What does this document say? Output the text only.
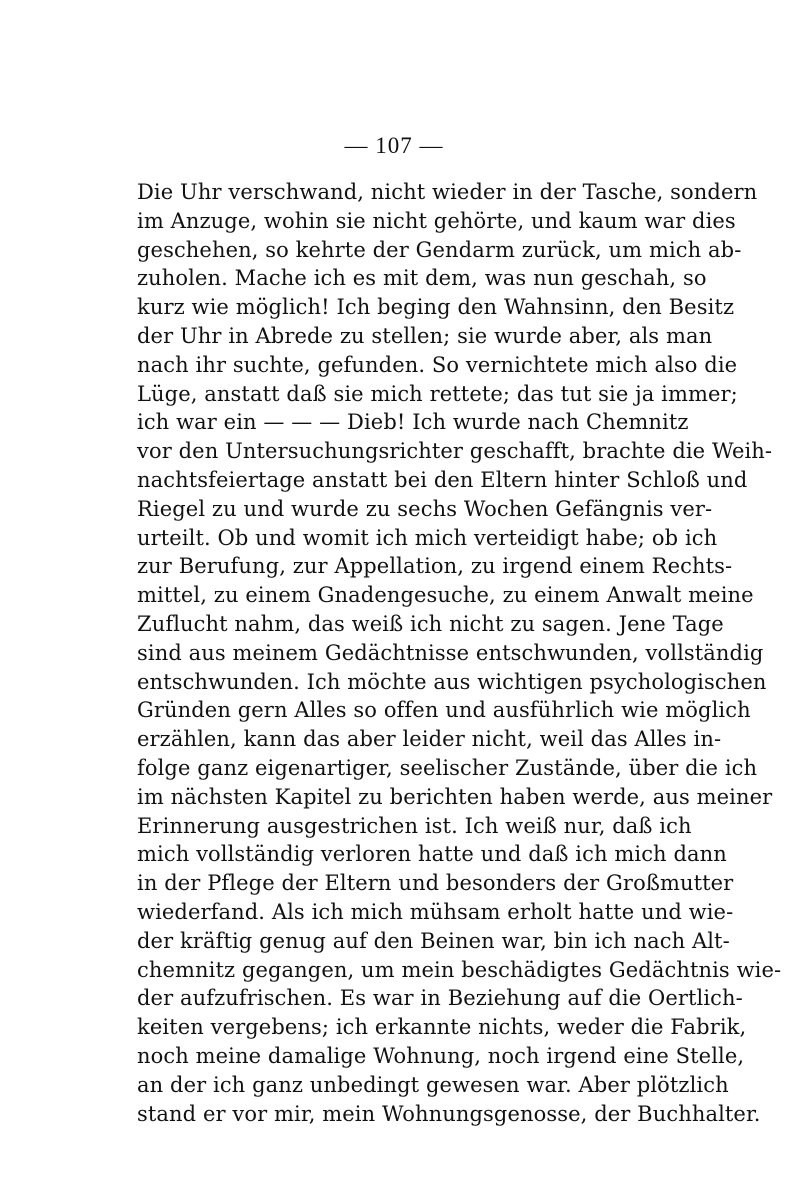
— 107 —
Die Uhr verschwand, nicht wieder in der Tasche, sondern
im Anzuge, wohin sie nicht gehörte, und kaum war dies
geschehen, so kehrte der Gendarm zurück, um mich ab-
zuholen. Mache ich es mit dem, was nun geschah, so
kurz wie möglich! Ich beging den Wahnsinn, den Besitz
der Uhr in Abrede zu stellen; sie wurde aber, als man
nach ihr suchte, gefunden. So vernichtete mich also die
Lüge, anstatt daß sie mich rettete; das tut sie ja immer;
ich war ein — — — Dieb! Ich wurde nach Chemnitz
vor den Untersuchungsrichter geschafft, brachte die Weih-
nachtsfeiertage anstatt bei den Eltern hinter Schloß und
Riegel zu und wurde zu sechs Wochen Gefängnis ver-
urteilt. Ob und womit ich mich verteidigt habe; ob ich
zur Berufung, zur Appellation, zu irgend einem Rechts-
mittel, zu einem Gnadengesuche, zu einem Anwalt meine
Zuflucht nahm, das weiß ich nicht zu sagen. Jene Tage
sind aus meinem Gedächtnisse entschwunden, vollständig
entschwunden. Ich möchte aus wichtigen psychologischen
Gründen gern Alles so offen und ausführlich wie möglich
erzählen, kann das aber leider nicht, weil das Alles in-
folge ganz eigenartiger, seelischer Zustände, über die ich
im nächsten Kapitel zu berichten haben werde, aus meiner
Erinnerung ausgestrichen ist. Ich weiß nur, daß ich
mich vollständig verloren hatte und daß ich mich dann
in der Pflege der Eltern und besonders der Großmutter
wiederfand. Als ich mich mühsam erholt hatte und wie-
der kräftig genug auf den Beinen war, bin ich nach Alt-
chemnitz gegangen, um mein beschädigtes Gedächtnis wie-
der aufzufrischen. Es war in Beziehung auf die Oertlich-
keiten vergebens; ich erkannte nichts, weder die Fabrik,
noch meine damalige Wohnung, noch irgend eine Stelle,
an der ich ganz unbedingt gewesen war. Aber plötzlich
stand er vor mir, mein Wohnungsgenosse, der Buchhalter.
